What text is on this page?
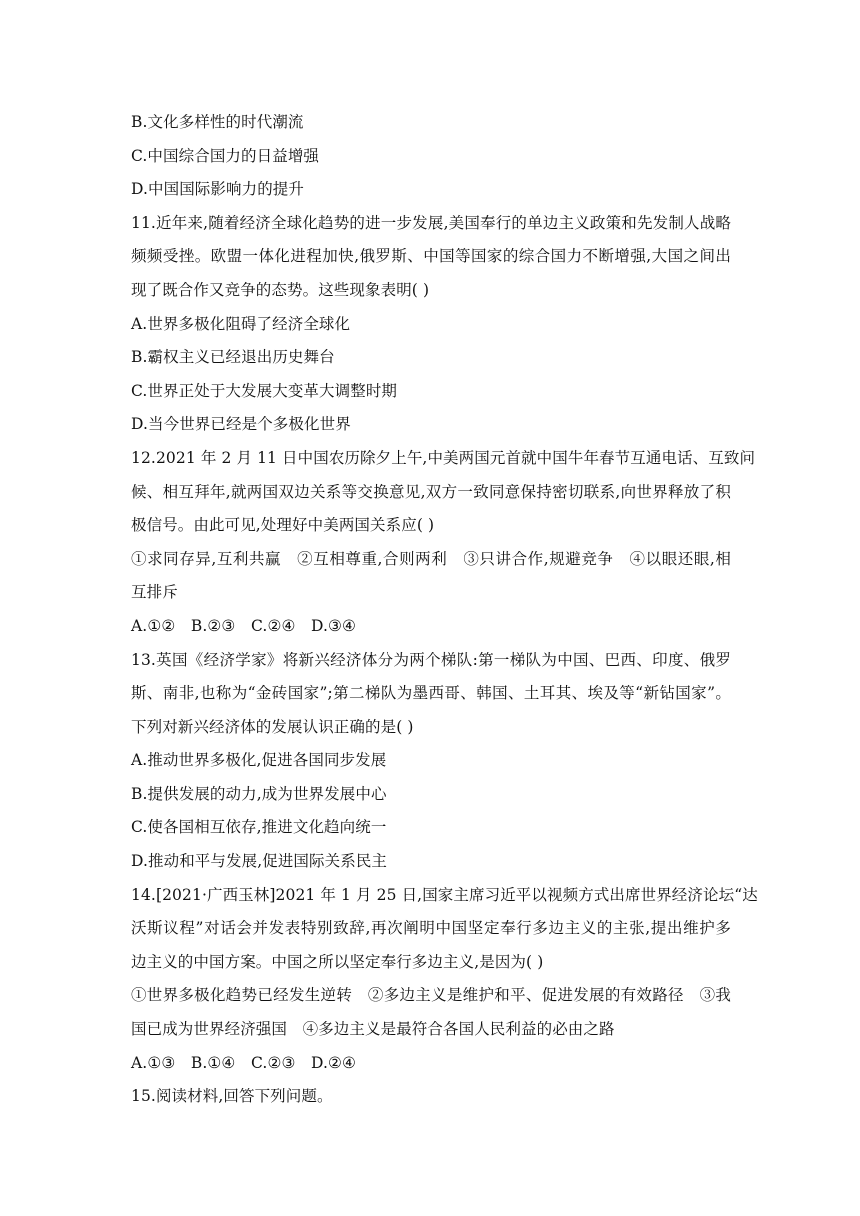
B.文化多样性的时代潮流
C.中国综合国力的日益增强
D.中国国际影响力的提升
11.近年来,随着经济全球化趋势的进一步发展,美国奉行的单边主义政策和先发制人战略
频频受挫。欧盟一体化进程加快,俄罗斯、中国等国家的综合国力不断增强,大国之间出
现了既合作又竞争的态势。这些现象表明( )
A.世界多极化阻碍了经济全球化
B.霸权主义已经退出历史舞台
C.世界正处于大发展大变革大调整时期
D.当今世界已经是个多极化世界
12.2021 年 2 月 11 日中国农历除夕上午,中美两国元首就中国牛年春节互通电话、互致问
候、相互拜年,就两国双边关系等交换意见,双方一致同意保持密切联系,向世界释放了积
极信号。由此可见,处理好中美两国关系应( )
①求同存异,互利共赢　②互相尊重,合则两利　③只讲合作,规避竞争　④以眼还眼,相
互排斥
A.①②　B.②③　C.②④　D.③④
13.英国《经济学家》将新兴经济体分为两个梯队:第一梯队为中国、巴西、印度、俄罗
斯、南非,也称为“金砖国家”;第二梯队为墨西哥、韩国、土耳其、埃及等“新钻国家”。
下列对新兴经济体的发展认识正确的是( )
A.推动世界多极化,促进各国同步发展
B.提供发展的动力,成为世界发展中心
C.使各国相互依存,推进文化趋向统一
D.推动和平与发展,促进国际关系民主
14.[2021·广西玉林]2021 年 1 月 25 日,国家主席习近平以视频方式出席世界经济论坛“达
沃斯议程”对话会并发表特别致辞,再次阐明中国坚定奉行多边主义的主张,提出维护多
边主义的中国方案。中国之所以坚定奉行多边主义,是因为( )
①世界多极化趋势已经发生逆转　②多边主义是维护和平、促进发展的有效路径　③我
国已成为世界经济强国　④多边主义是最符合各国人民利益的必由之路
A.①③　B.①④　C.②③　D.②④
15.阅读材料,回答下列问题。
